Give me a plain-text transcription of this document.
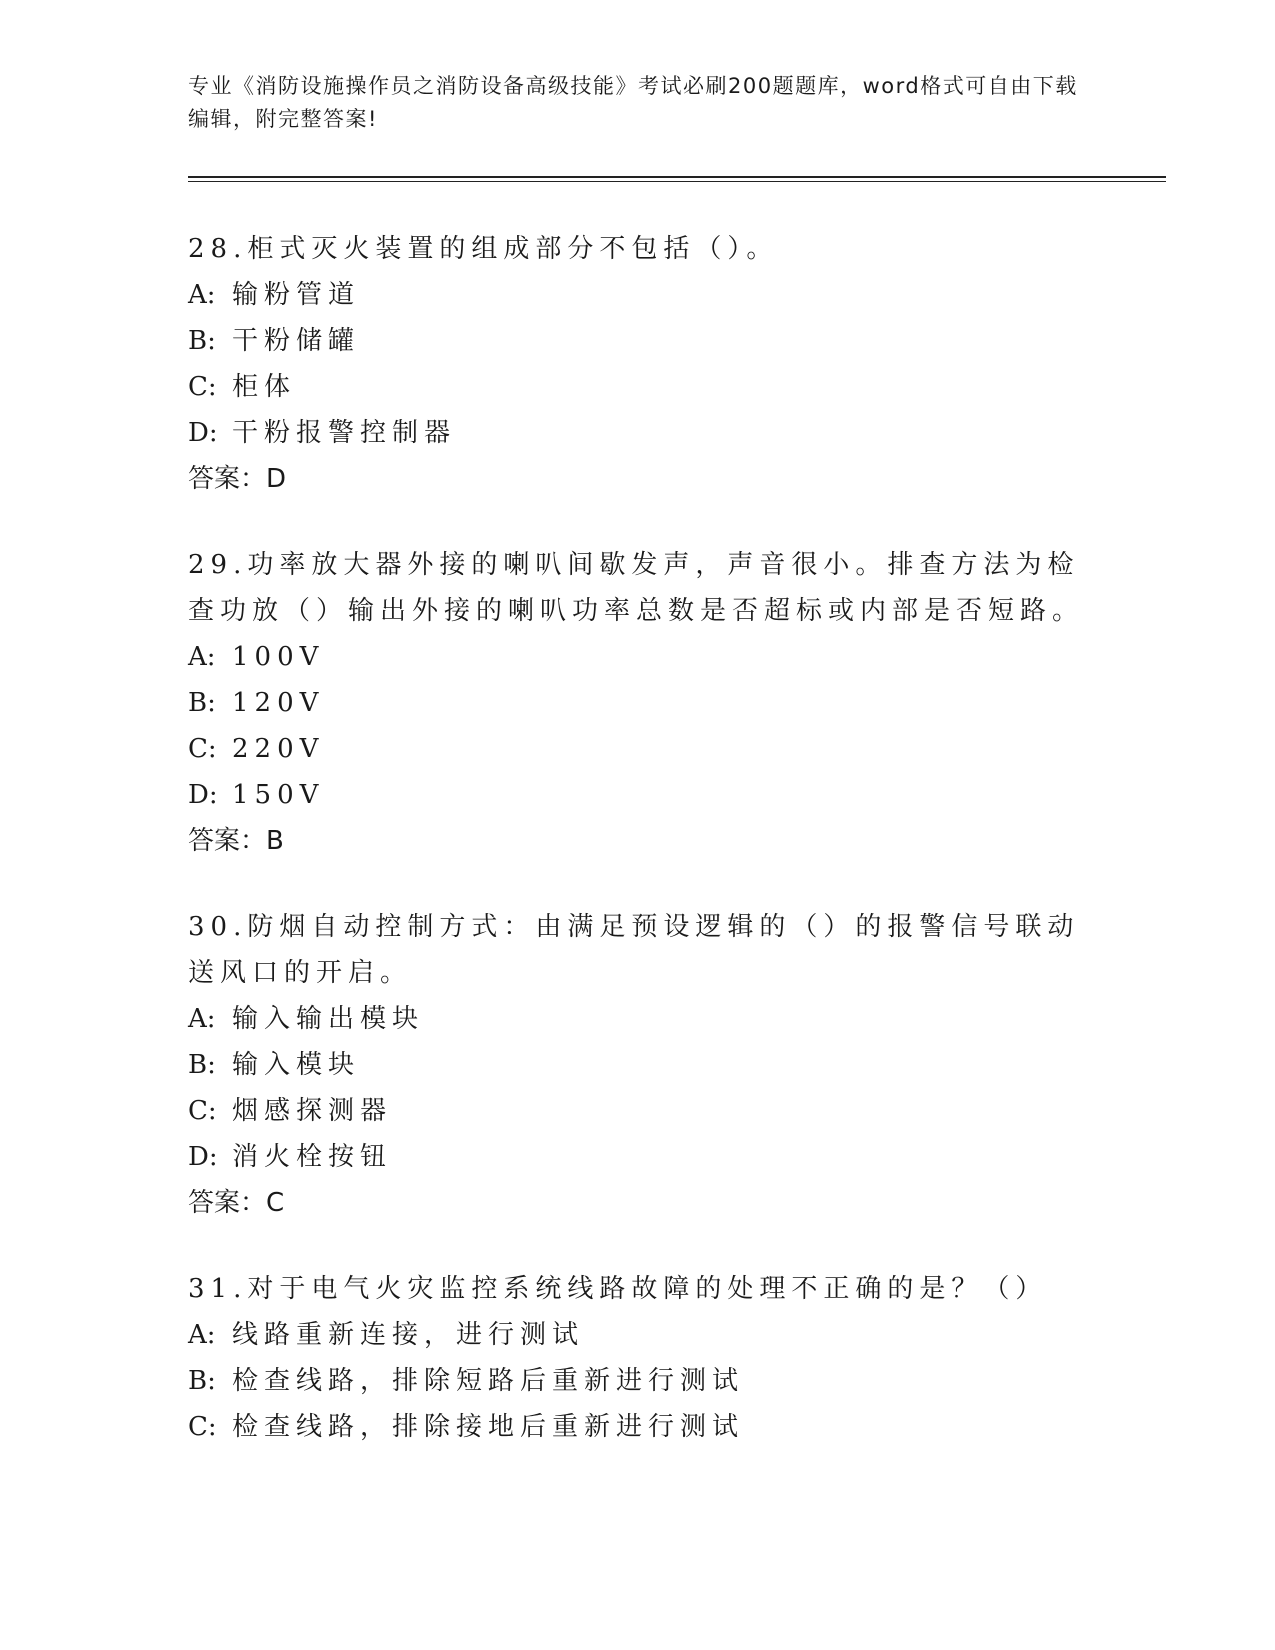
专业《消防设施操作员之消防设备高级技能》考试必刷200题题库，word格式可自由下载编辑，附完整答案!

28.柜式灭火装置的组成部分不包括（）。

A: 输粉管道

B: 干粉储罐

C: 柜体

D: 干粉报警控制器

答案：D

29.功率放大器外接的喇叭间歇发声，声音很小。排查方法为检查功放（）输出外接的喇叭功率总数是否超标或内部是否短路。

A: 100V

B: 120V

C: 220V

D: 150V

答案：B

30.防烟自动控制方式：由满足预设逻辑的（）的报警信号联动送风口的开启。

A: 输入输出模块

B: 输入模块

C: 烟感探测器

D: 消火栓按钮

答案：C

31.对于电气火灾监控系统线路故障的处理不正确的是？（）

A: 线路重新连接，进行测试

B: 检查线路，排除短路后重新进行测试

C: 检查线路，排除接地后重新进行测试
